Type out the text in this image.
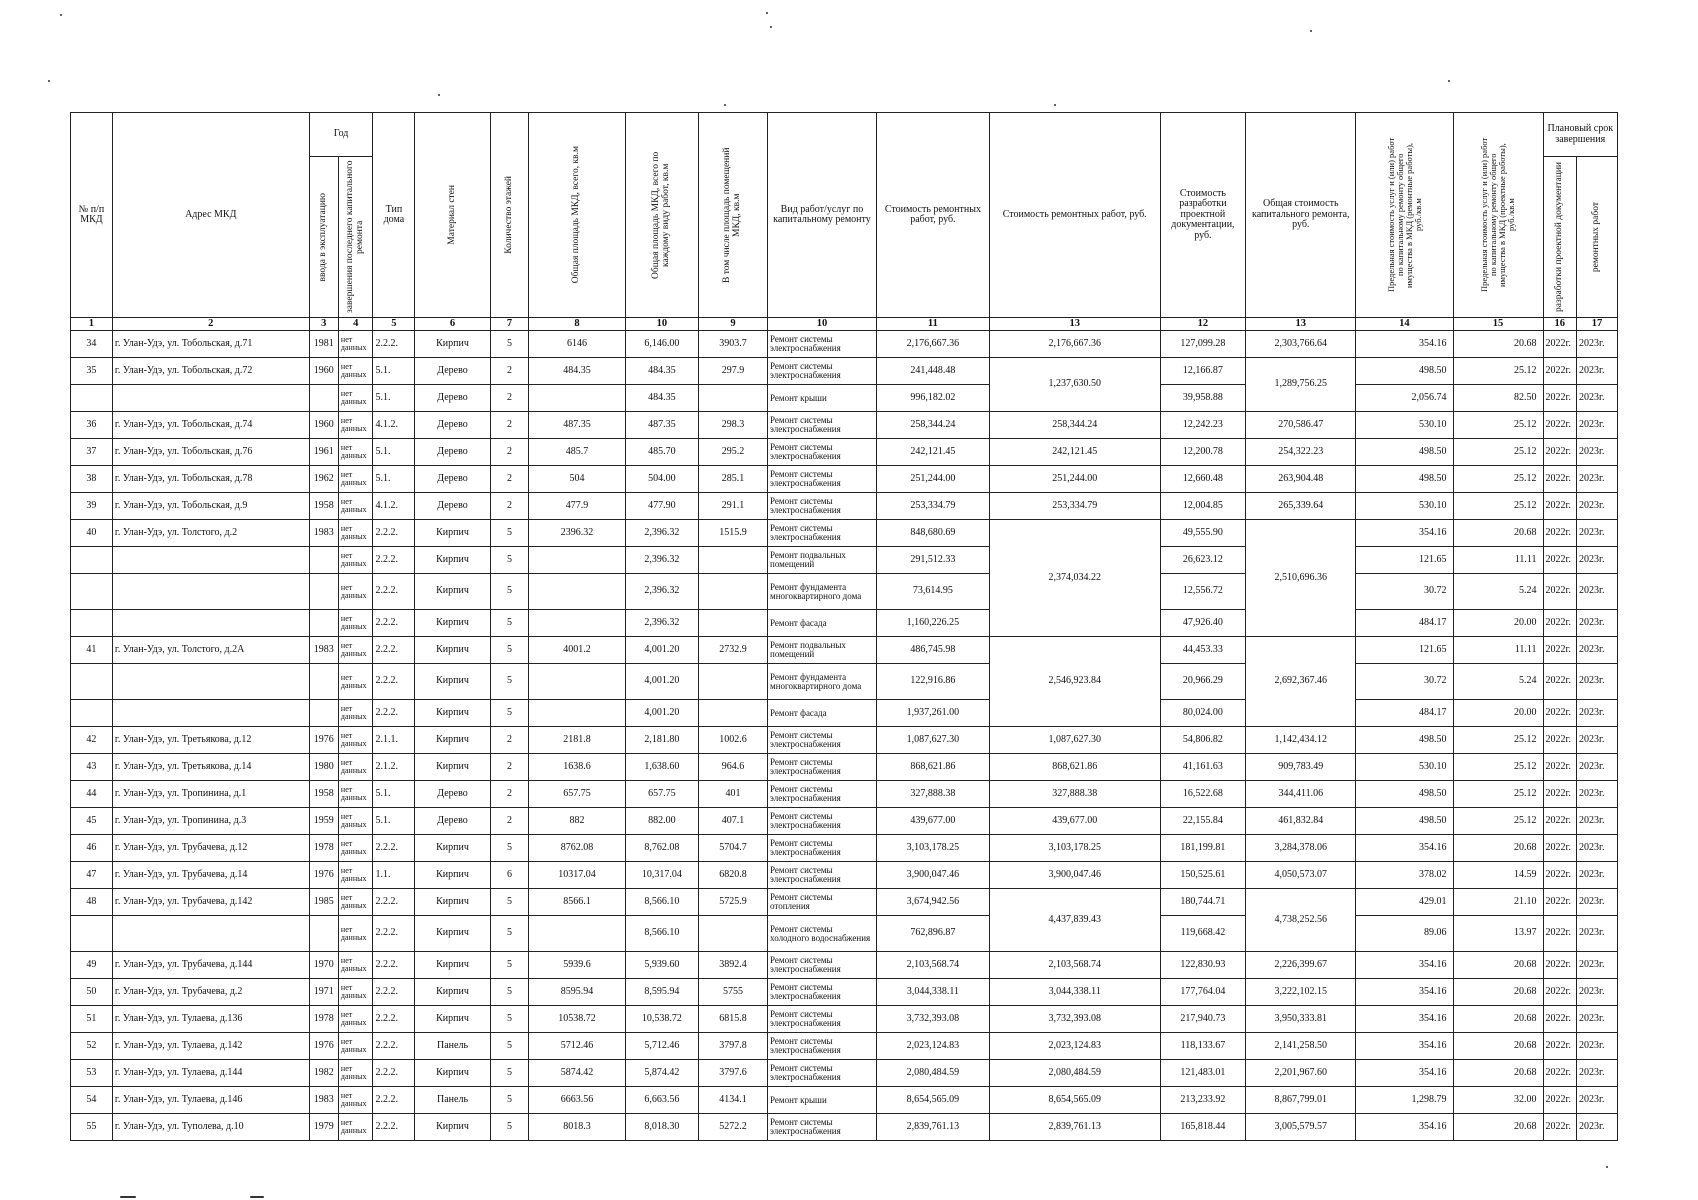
№ п/п МКД	Адрес МКД	Год		Тип дома	Материал стен	Количество этажей	Общая площадь МКД, всего, кв.м	Общая площадь МКД, всего по каждому виду работ, кв.м	В том числе площадь помещений МКД, кв.м	Вид работ/услуг по капитальному ремонту	Стоимость ремонтных работ, руб.	Стоимость ремонтных работ, руб.	Стоимость разработки проектной документации, руб.	Общая стоимость капитального ремонта, руб.	Предельная стоимость услуг и (или) работ по капитальному ремонту общего имущества в МКД (ремонтные работы), руб./кв.м	Предельная стоимость услуг и (или) работ по капитальному ремонту общего имущества в МКД (проектные работы), руб./кв.м	Плановый срок завершения	

		ввода в эксплуатацию	завершения последнего капитального ремонта														разработки проектной документации	ремонтных работ

1	2	3	4	5	6	7	8	10	9	10	11	13	12	13	14	15	16	17
34	г. Улан-Удэ, ул. Тобольская, д.71	1981	нет данных	2.2.2.	Кирпич	5	6146	6,146.00	3903.7	Ремонт системы электроснабжения	2,176,667.36	2,176,667.36	127,099.28	2,303,766.64	354.16	20.68	2022г.	2023г.
35	г. Улан-Удэ, ул. Тобольская, д.72	1960	нет данных	5.1.	Дерево	2	484.35	484.35	297.9	Ремонт системы электроснабжения	241,448.48	1,237,630.50	12,166.87	1,289,756.25	498.50	25.12	2022г.	2023г.
			нет данных	5.1.	Дерево	2		484.35		Ремонт крыши	996,182.02		39,958.88		2,056.74	82.50	2022г.	2023г.
36	г. Улан-Удэ, ул. Тобольская, д.74	1960	нет данных	4.1.2.	Дерево	2	487.35	487.35	298.3	Ремонт системы электроснабжения	258,344.24	258,344.24	12,242.23	270,586.47	530.10	25.12	2022г.	2023г.
37	г. Улан-Удэ, ул. Тобольская, д.76	1961	нет данных	5.1.	Дерево	2	485.7	485.70	295.2	Ремонт системы электроснабжения	242,121.45	242,121.45	12,200.78	254,322.23	498.50	25.12	2022г.	2023г.
38	г. Улан-Удэ, ул. Тобольская, д.78	1962	нет данных	5.1.	Дерево	2	504	504.00	285.1	Ремонт системы электроснабжения	251,244.00	251,244.00	12,660.48	263,904.48	498.50	25.12	2022г.	2023г.
39	г. Улан-Удэ, ул. Тобольская, д.9	1958	нет данных	4.1.2.	Дерево	2	477.9	477.90	291.1	Ремонт системы электроснабжения	253,334.79	253,334.79	12,004.85	265,339.64	530.10	25.12	2022г.	2023г.
40	г. Улан-Удэ, ул. Толстого, д.2	1983	нет данных	2.2.2.	Кирпич	5	2396.32	2,396.32	1515.9	Ремонт системы электроснабжения	848,680.69	2,374,034.22	49,555.90	2,510,696.36	354.16	20.68	2022г.	2023г.
			нет данных	2.2.2.	Кирпич	5		2,396.32		Ремонт подвальных помещений	291,512.33		26,623.12		121.65	11.11	2022г.	2023г.
			нет данных	2.2.2.	Кирпич	5		2,396.32		Ремонт фундамента многоквартирного дома	73,614.95		12,556.72		30.72	5.24	2022г.	2023г.
			нет данных	2.2.2.	Кирпич	5		2,396.32		Ремонт фасада	1,160,226.25		47,926.40		484.17	20.00	2022г.	2023г.
41	г. Улан-Удэ, ул. Толстого, д.2А	1983	нет данных	2.2.2.	Кирпич	5	4001.2	4,001.20	2732.9	Ремонт подвальных помещений	486,745.98	2,546,923.84	44,453.33	2,692,367.46	121.65	11.11	2022г.	2023г.
			нет данных	2.2.2.	Кирпич	5		4,001.20		Ремонт фундамента многоквартирного дома	122,916.86		20,966.29		30.72	5.24	2022г.	2023г.
			нет данных	2.2.2.	Кирпич	5		4,001.20		Ремонт фасада	1,937,261.00		80,024.00		484.17	20.00	2022г.	2023г.
42	г. Улан-Удэ, ул. Третьякова, д.12	1976	нет данных	2.1.1.	Кирпич	2	2181.8	2,181.80	1002.6	Ремонт системы электроснабжения	1,087,627.30	1,087,627.30	54,806.82	1,142,434.12	498.50	25.12	2022г.	2023г.
43	г. Улан-Удэ, ул. Третьякова, д.14	1980	нет данных	2.1.2.	Кирпич	2	1638.6	1,638.60	964.6	Ремонт системы электроснабжения	868,621.86	868,621.86	41,161.63	909,783.49	530.10	25.12	2022г.	2023г.
44	г. Улан-Удэ, ул. Тропинина, д.1	1958	нет данных	5.1.	Дерево	2	657.75	657.75	401	Ремонт системы электроснабжения	327,888.38	327,888.38	16,522.68	344,411.06	498.50	25.12	2022г.	2023г.
45	г. Улан-Удэ, ул. Тропинина, д.3	1959	нет данных	5.1.	Дерево	2	882	882.00	407.1	Ремонт системы электроснабжения	439,677.00	439,677.00	22,155.84	461,832.84	498.50	25.12	2022г.	2023г.
46	г. Улан-Удэ, ул. Трубачева, д.12	1978	нет данных	2.2.2.	Кирпич	5	8762.08	8,762.08	5704.7	Ремонт системы электроснабжения	3,103,178.25	3,103,178.25	181,199.81	3,284,378.06	354.16	20.68	2022г.	2023г.
47	г. Улан-Удэ, ул. Трубачева, д.14	1976	нет данных	1.1.	Кирпич	6	10317.04	10,317.04	6820.8	Ремонт системы электроснабжения	3,900,047.46	3,900,047.46	150,525.61	4,050,573.07	378.02	14.59	2022г.	2023г.
48	г. Улан-Удэ, ул. Трубачева, д.142	1985	нет данных	2.2.2.	Кирпич	5	8566.1	8,566.10	5725.9	Ремонт системы отопления	3,674,942.56	4,437,839.43	180,744.71	4,738,252.56	429.01	21.10	2022г.	2023г.
			нет данных	2.2.2.	Кирпич	5		8,566.10		Ремонт системы холодного водоснабжения	762,896.87		119,668.42		89.06	13.97	2022г.	2023г.
49	г. Улан-Удэ, ул. Трубачева, д.144	1970	нет данных	2.2.2.	Кирпич	5	5939.6	5,939.60	3892.4	Ремонт системы электроснабжения	2,103,568.74	2,103,568.74	122,830.93	2,226,399.67	354.16	20.68	2022г.	2023г.
50	г. Улан-Удэ, ул. Трубачева, д.2	1971	нет данных	2.2.2.	Кирпич	5	8595.94	8,595.94	5755	Ремонт системы электроснабжения	3,044,338.11	3,044,338.11	177,764.04	3,222,102.15	354.16	20.68	2022г.	2023г.
51	г. Улан-Удэ, ул. Тулаева, д.136	1978	нет данных	2.2.2.	Кирпич	5	10538.72	10,538.72	6815.8	Ремонт системы электроснабжения	3,732,393.08	3,732,393.08	217,940.73	3,950,333.81	354.16	20.68	2022г.	2023г.
52	г. Улан-Удэ, ул. Тулаева, д.142	1976	нет данных	2.2.2.	Панель	5	5712.46	5,712.46	3797.8	Ремонт системы электроснабжения	2,023,124.83	2,023,124.83	118,133.67	2,141,258.50	354.16	20.68	2022г.	2023г.
53	г. Улан-Удэ, ул. Тулаева, д.144	1982	нет данных	2.2.2.	Кирпич	5	5874.42	5,874.42	3797.6	Ремонт системы электроснабжения	2,080,484.59	2,080,484.59	121,483.01	2,201,967.60	354.16	20.68	2022г.	2023г.
54	г. Улан-Удэ, ул. Тулаева, д.146	1983	нет данных	2.2.2.	Панель	5	6663.56	6,663.56	4134.1	Ремонт крыши	8,654,565.09	8,654,565.09	213,233.92	8,867,799.01	1,298.79	32.00	2022г.	2023г.
55	г. Улан-Удэ, ул. Туполева, д.10	1979	нет данных	2.2.2.	Кирпич	5	8018.3	8,018.30	5272.2	Ремонт системы электроснабжения	2,839,761.13	2,839,761.13	165,818.44	3,005,579.57	354.16	20.68	2022г.	2023г.
